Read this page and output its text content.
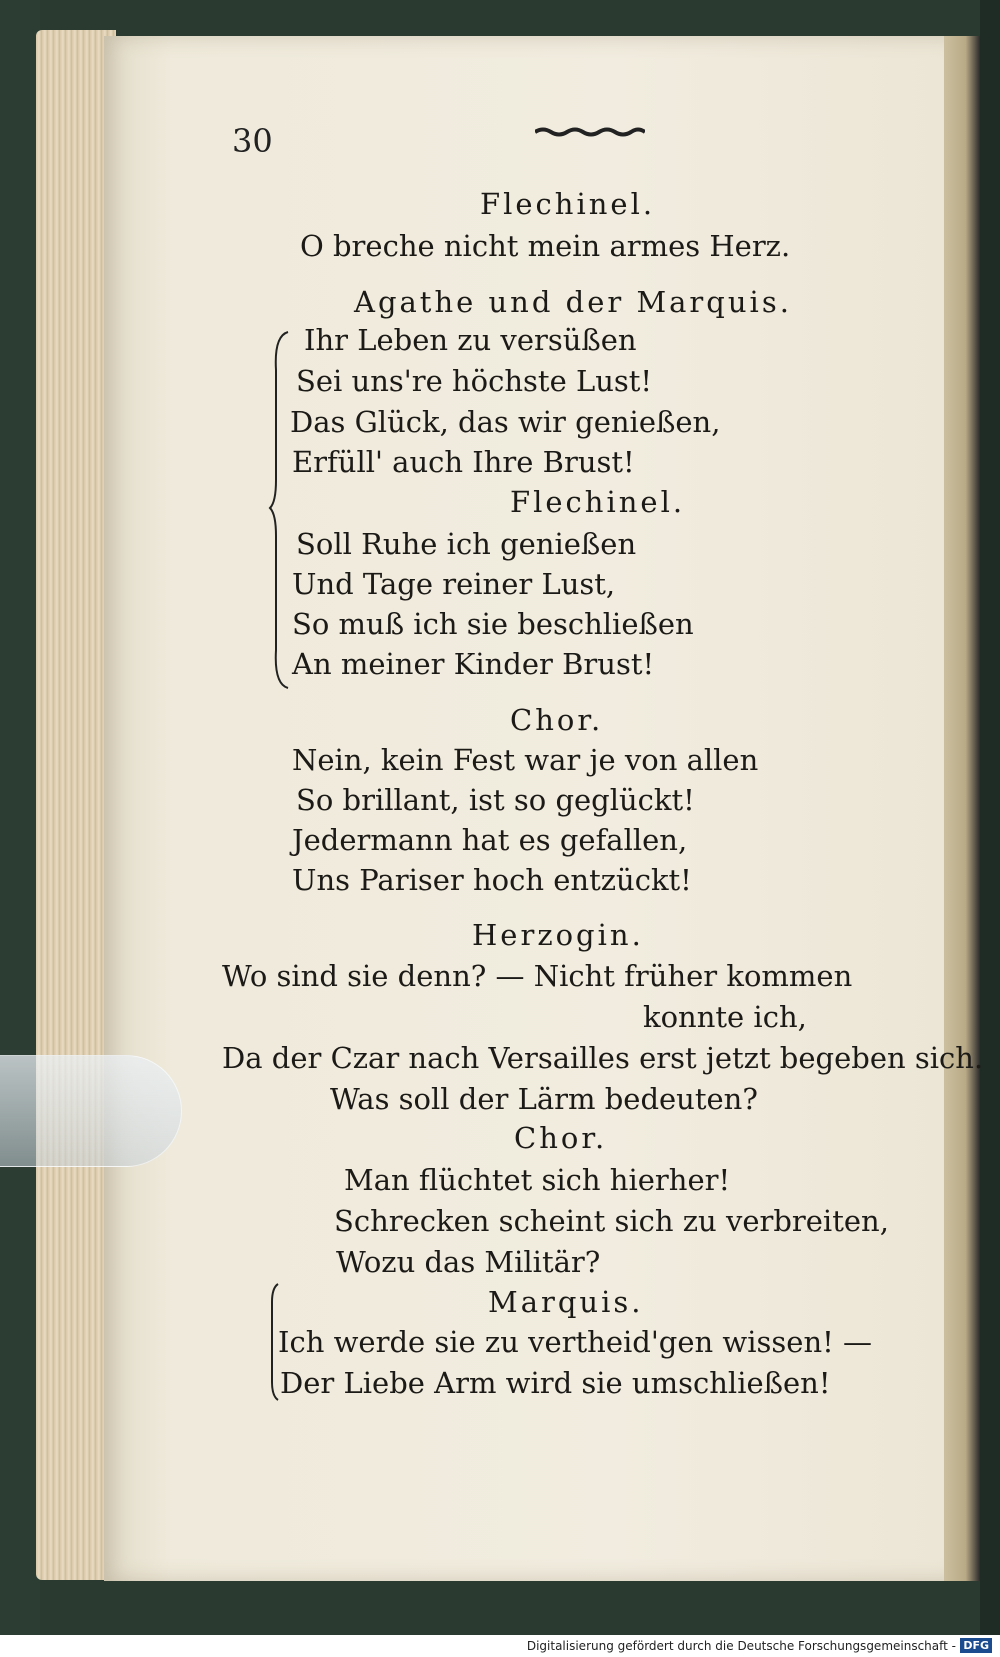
30
Flechinel.
O breche nicht mein armes Herz.
Agathe und der Marquis.
Ihr Leben zu versüßen
Sei uns're höchste Lust!
Das Glück, das wir genießen,
Erfüll' auch Ihre Brust!
Flechinel.
Soll Ruhe ich genießen
Und Tage reiner Lust,
So muß ich sie beschließen
An meiner Kinder Brust!
Chor.
Nein, kein Fest war je von allen
So brillant, ist so geglückt!
Jedermann hat es gefallen,
Uns Pariser hoch entzückt!
Herzogin.
Wo sind sie denn? — Nicht früher kommen
konnte ich,
Da der Czar nach Versailles erst jetzt begeben sich.
Was soll der Lärm bedeuten?
Chor.
Man flüchtet sich hierher!
Schrecken scheint sich zu verbreiten,
Wozu das Militär?
Marquis.
Ich werde sie zu vertheid'gen wissen! —
Der Liebe Arm wird sie umschließen!
Digitalisierung gefördert durch die Deutsche Forschungsgemeinschaft - DFG
